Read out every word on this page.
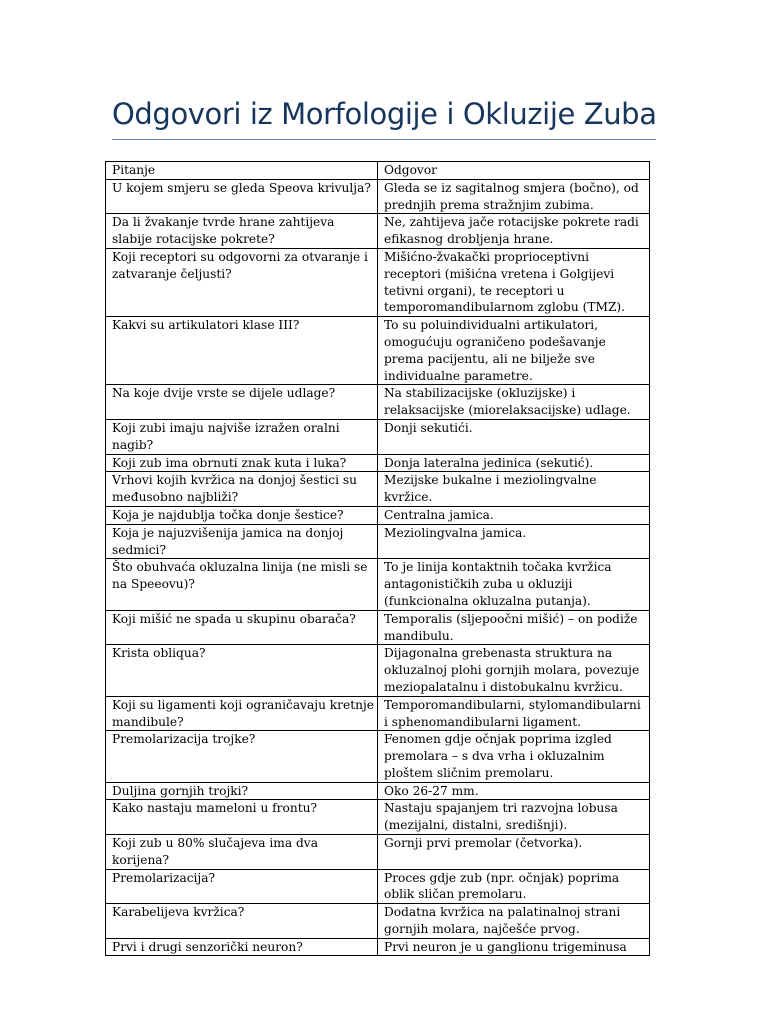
Odgovori iz Morfologije i Okluzije Zuba
Pitanje	Odgovor
U kojem smjeru se gleda Speova krivulja?	Gleda se iz sagitalnog smjera (bočno), od prednjih prema stražnjim zubima.
Da li žvakanje tvrde hrane zahtijeva slabije rotacijske pokrete?	Ne, zahtijeva jače rotacijske pokrete radi efikasnog drobljenja hrane.
Koji receptori su odgovorni za otvaranje i zatvaranje čeljusti?	Mišićno-žvakački proprioceptivni receptori (mišićna vretena i Golgijevi tetivni organi), te receptori u temporomandibularnom zglobu (TMZ).
Kakvi su artikulatori klase III?	To su poluindividualni artikulatori, omogućuju ograničeno podešavanje prema pacijentu, ali ne bilježe sve individualne parametre.
Na koje dvije vrste se dijele udlage?	Na stabilizacijske (okluzijske) i relaksacijske (miorelaksacijske) udlage.
Koji zubi imaju najviše izražen oralni nagib?	Donji sekutići.
Koji zub ima obrnuti znak kuta i luka?	Donja lateralna jedinica (sekutić).
Vrhovi kojih kvržica na donjoj šestici su međusobno najbliži?	Mezijske bukalne i meziolingvalne kvržice.
Koja je najdublja točka donje šestice?	Centralna jamica.
Koja je najuzvišenija jamica na donjoj sedmici?	Meziolingvalna jamica.
Što obuhvaća okluzalna linija (ne misli se na Speeovu)?	To je linija kontaktnih točaka kvržica antagonističkih zuba u okluziji (funkcionalna okluzalna putanja).
Koji mišić ne spada u skupinu obarača?	Temporalis (sljepoočni mišić) – on podiže mandibulu.
Krista obliqua?	Dijagonalna grebenasta struktura na okluzalnoj plohi gornjih molara, povezuje meziopalatalnu i distobukalnu kvržicu.
Koji su ligamenti koji ograničavaju kretnje mandibule?	Temporomandibularni, stylomandibularni i sphenomandibularni ligament.
Premolarizacija trojke?	Fenomen gdje očnjak poprima izgled premolara – s dva vrha i okluzalnim ploštem sličnim premolaru.
Duljina gornjih trojki?	Oko 26-27 mm.
Kako nastaju mameloni u frontu?	Nastaju spajanjem tri razvojna lobusa (mezijalni, distalni, središnji).
Koji zub u 80% slučajeva ima dva korijena?	Gornji prvi premolar (četvorka).
Premolarizacija?	Proces gdje zub (npr. očnjak) poprima oblik sličan premolaru.
Karabelijeva kvržica?	Dodatna kvržica na palatinalnoj strani gornjih molara, najčešće prvog.

Prvi i drugi senzorički neuron?	Prvi neuron je u ganglionu trigeminusa
